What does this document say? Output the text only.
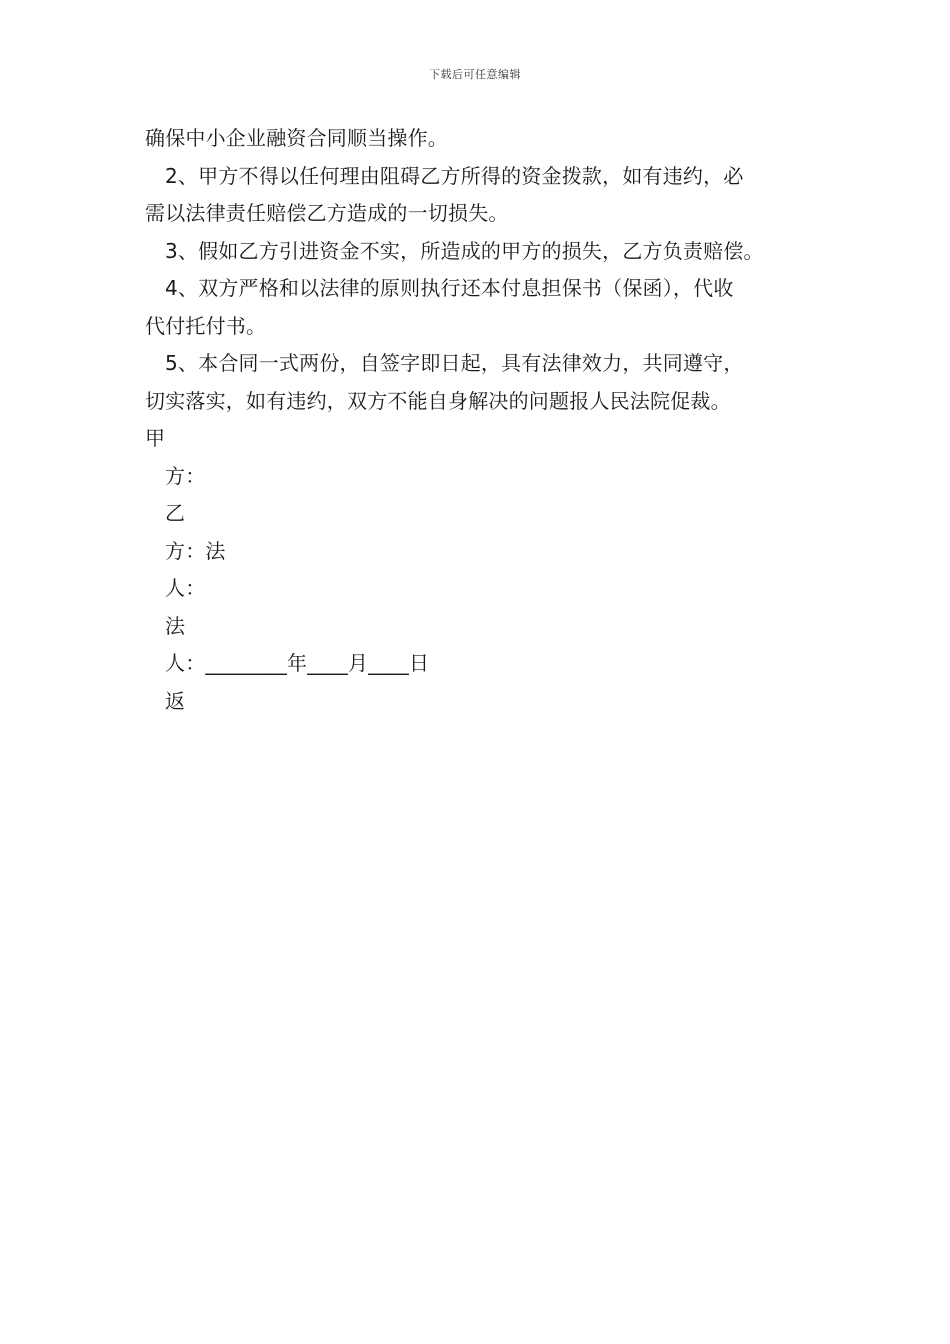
下载后可任意编辑
确保中小企业融资合同顺当操作。
2、甲方不得以任何理由阻碍乙方所得的资金拨款，如有违约，必
需以法律责任赔偿乙方造成的一切损失。
3、假如乙方引进资金不实，所造成的甲方的损失，乙方负责赔偿。
4、双方严格和以法律的原则执行还本付息担保书（保函），代收
代付托付书。
5、本合同一式两份，自签字即日起，具有法律效力，共同遵守，
切实落实，如有违约，双方不能自身解决的问题报人民法院促裁。
甲
方：
乙
方：法
人：
法
人：________年____月____日
返
